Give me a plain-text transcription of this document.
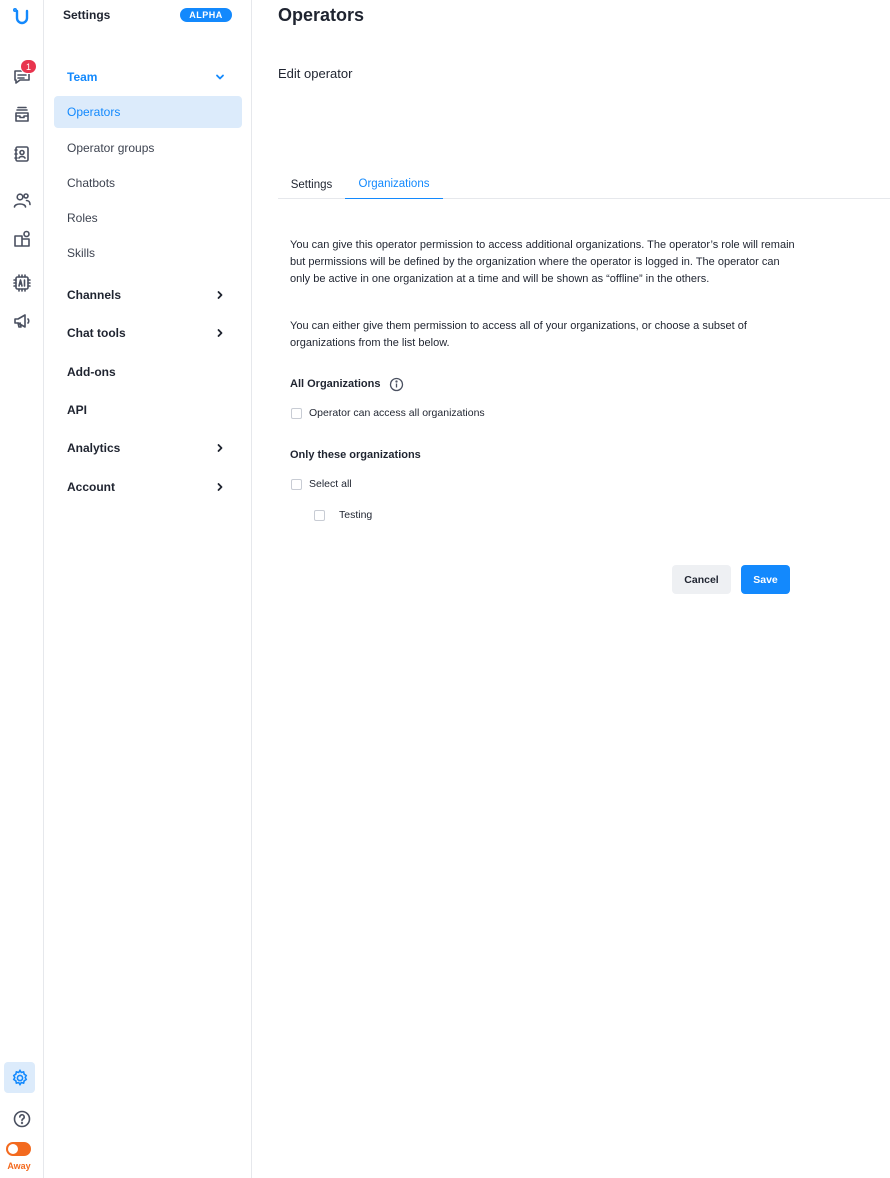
1
Away
Settings	ALPHA
Team
Operators
Operator groups
Chatbots
Roles
Skills
Channels
Chat tools
Add-ons
API
Analytics
Account
Operators
Edit operator
Settings	Organizations
You can give this operator permission to access additional organizations. The operator’s role will remain but permissions will be defined by the organization where the operator is logged in. The operator can only be active in one organization at a time and will be shown as “offline” in the others.
You can either give them permission to access all of your organizations, or choose a subset of organizations from the list below.
All Organizations
Operator can access all organizations
Only these organizations
Select all
Testing
Cancel	Save
